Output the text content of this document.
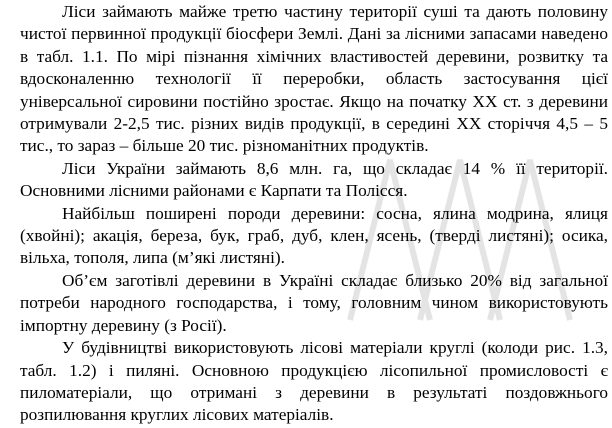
Ліси займають майже третю частину території суші та дають половину чистої первинної продукції біосфери Землі. Дані за лісними запасами наведено в табл. 1.1. По мірі пізнання хімічних властивостей деревини, розвитку та вдосконаленню технології її переробки, область застосування цієї універсальної сировини постійно зростає. Якщо на початку ХХ ст. з деревини отримували 2-2,5 тис. різних видів продукції, в середині ХХ сторіччя 4,5 – 5 тис., то зараз – більше 20 тис. різноманітних продуктів.

Ліси України займають 8,6 млн. га, що складає 14 % її території. Основними лісними районами є Карпати та Полісся.

Найбільш поширені породи деревини: сосна, ялина модрина, ялиця (хвойні); акація, береза, бук, граб, дуб, клен, ясень, (тверді листяні); осика, вільха, тополя, липа (м’які листяні).

Об’єм заготівлі деревини в Україні складає близько 20% від загальної потреби народного господарства, і тому, головним чином використовують імпортну деревину (з Росії).

У будівництві використовують лісові матеріали круглі (колоди рис. 1.3, табл. 1.2) і пиляні. Основною продукцією лісопильної промисловості є пиломатеріали, що отримані з деревини в результаті поздовжнього розпилювання круглих лісових матеріалів.
